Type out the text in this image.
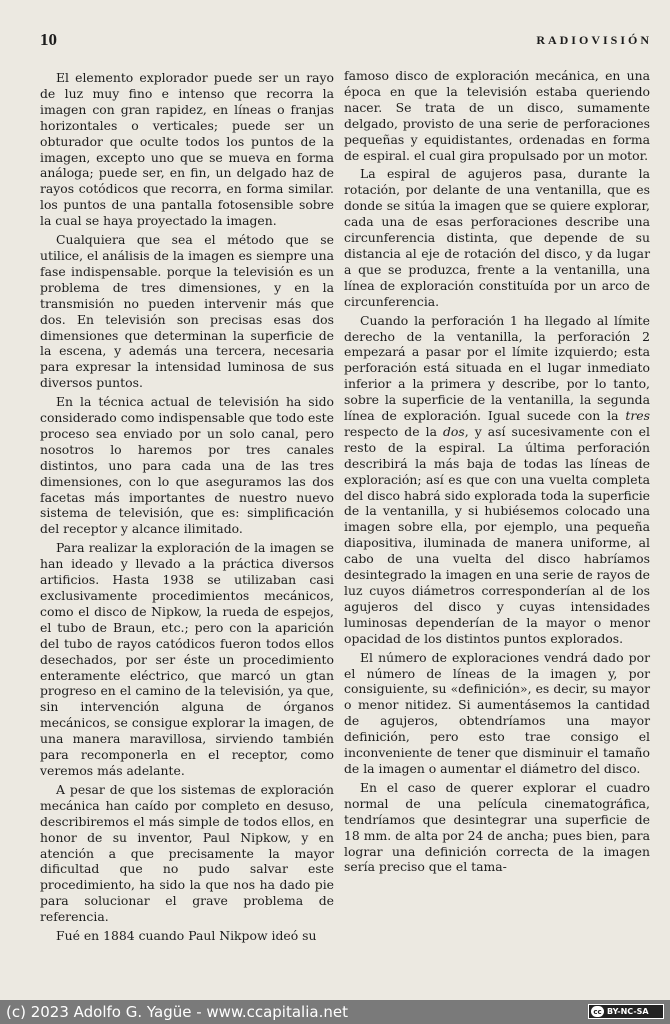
10	RADIOVISIÓN

El elemento explorador puede ser un rayo de luz muy fino e intenso que recorra la imagen con gran rapidez, en líneas o franjas horizontales o verticales; puede ser un obturador que oculte todos los puntos de la imagen, excepto uno que se mueva en forma análoga; puede ser, en fin, un delgado haz de rayos cotódicos que recorra, en forma similar. los puntos de una pantalla fotosensible sobre la cual se haya proyectado la imagen.

Cualquiera que sea el método que se utilice, el análisis de la imagen es siempre una fase indispensable. porque la televisión es un problema de tres dimensiones, y en la transmisión no pueden intervenir más que dos. En televisión son precisas esas dos dimensiones que determinan la superficie de la escena, y además una tercera, necesaria para expresar la intensidad luminosa de sus diversos puntos.

En la técnica actual de televisión ha sido considerado como indispensable que todo este proceso sea enviado por un solo canal, pero nosotros lo haremos por tres canales distintos, uno para cada una de las tres dimensiones, con lo que aseguramos las dos facetas más importantes de nuestro nuevo sistema de televisión, que es: simplificación del receptor y alcance ilimitado.

Para realizar la exploración de la imagen se han ideado y llevado a la práctica diversos artificios. Hasta 1938 se utilizaban casi exclusivamente procedimientos mecánicos, como el disco de Nipkow, la rueda de espejos, el tubo de Braun, etc.; pero con la aparición del tubo de rayos catódicos fueron todos ellos desechados, por ser éste un procedimiento enteramente eléctrico, que marcó un gtan progreso en el camino de la televisión, ya que, sin intervención alguna de órganos mecánicos, se consigue explorar la imagen, de una manera maravillosa, sirviendo también para recomponerla en el receptor, como veremos más adelante.

A pesar de que los sistemas de exploración mecánica han caído por completo en desuso, describiremos el más simple de todos ellos, en honor de su inventor, Paul Nipkow, y en atención a que precisamente la mayor dificultad que no pudo salvar este procedimiento, ha sido la que nos ha dado pie para solucionar el grave problema de referencia.

Fué en 1884 cuando Paul Nikpow ideó su

famoso disco de exploración mecánica, en una época en que la televisión estaba queriendo nacer. Se trata de un disco, sumamente delgado, provisto de una serie de perforaciones pequeñas y equidistantes, ordenadas en forma de espiral. el cual gira propulsado por un motor.

La espiral de agujeros pasa, durante la rotación, por delante de una ventanilla, que es donde se sitúa la imagen que se quiere explorar, cada una de esas perforaciones describe una circunferencia distinta, que depende de su distancia al eje de rotación del disco, y da lugar a que se produzca, frente a la ventanilla, una línea de exploración constituída por un arco de circunferencia.

Cuando la perforación 1 ha llegado al límite derecho de la ventanilla, la perforación 2 empezará a pasar por el límite izquierdo; esta perforación está situada en el lugar inmediato inferior a la primera y describe, por lo tanto, sobre la superficie de la ventanilla, la segunda línea de exploración. Igual sucede con la tres respecto de la dos, y así sucesivamente con el resto de la espiral. La última perforación describirá la más baja de todas las líneas de exploración; así es que con una vuelta completa del disco habrá sido explorada toda la superficie de la ventanilla, y si hubiésemos colocado una imagen sobre ella, por ejemplo, una pequeña diapositiva, iluminada de manera uniforme, al cabo de una vuelta del disco habríamos desintegrado la imagen en una serie de rayos de luz cuyos diámetros corresponderían al de los agujeros del disco y cuyas intensidades luminosas dependerían de la mayor o menor opacidad de los distintos puntos explorados.

El número de exploraciones vendrá dado por el número de líneas de la imagen y, por consiguiente, su «definición», es decir, su mayor o menor nitidez. Si aumentásemos la cantidad de agujeros, obtendríamos una mayor definición, pero esto trae consigo el inconveniente de tener que disminuir el tamaño de la imagen o aumentar el diámetro del disco.

En el caso de querer explorar el cuadro normal de una película cinematográfica, tendríamos que desintegrar una superficie de 18 mm. de alta por 24 de ancha; pues bien, para lograr una definición correcta de la imagen sería preciso que el tama-

(c) 2023 Adolfo G. Yagüe - www.ccapitalia.net	cc BY-NC-SA
